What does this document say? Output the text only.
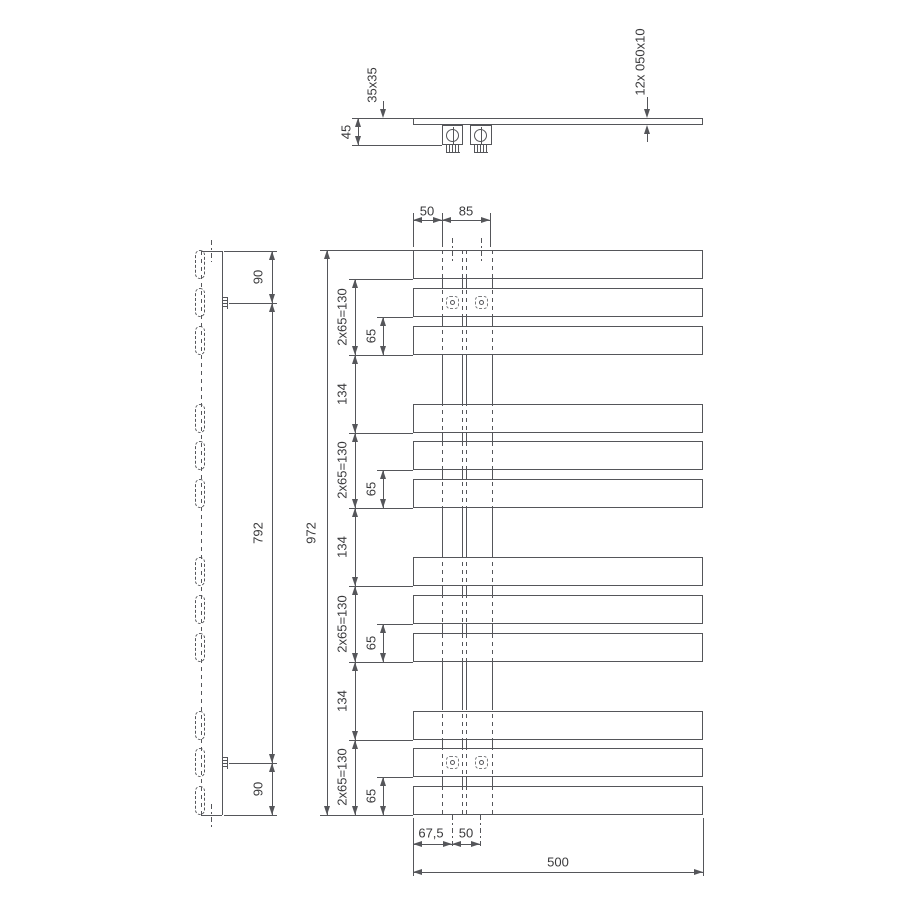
35x35
45
12x 050x10
50 85
972
2x65=130
134
2x65=130
134
2x65=130
134
2x65=130
65
65
65
65
67,5 50
500
90
792
90
